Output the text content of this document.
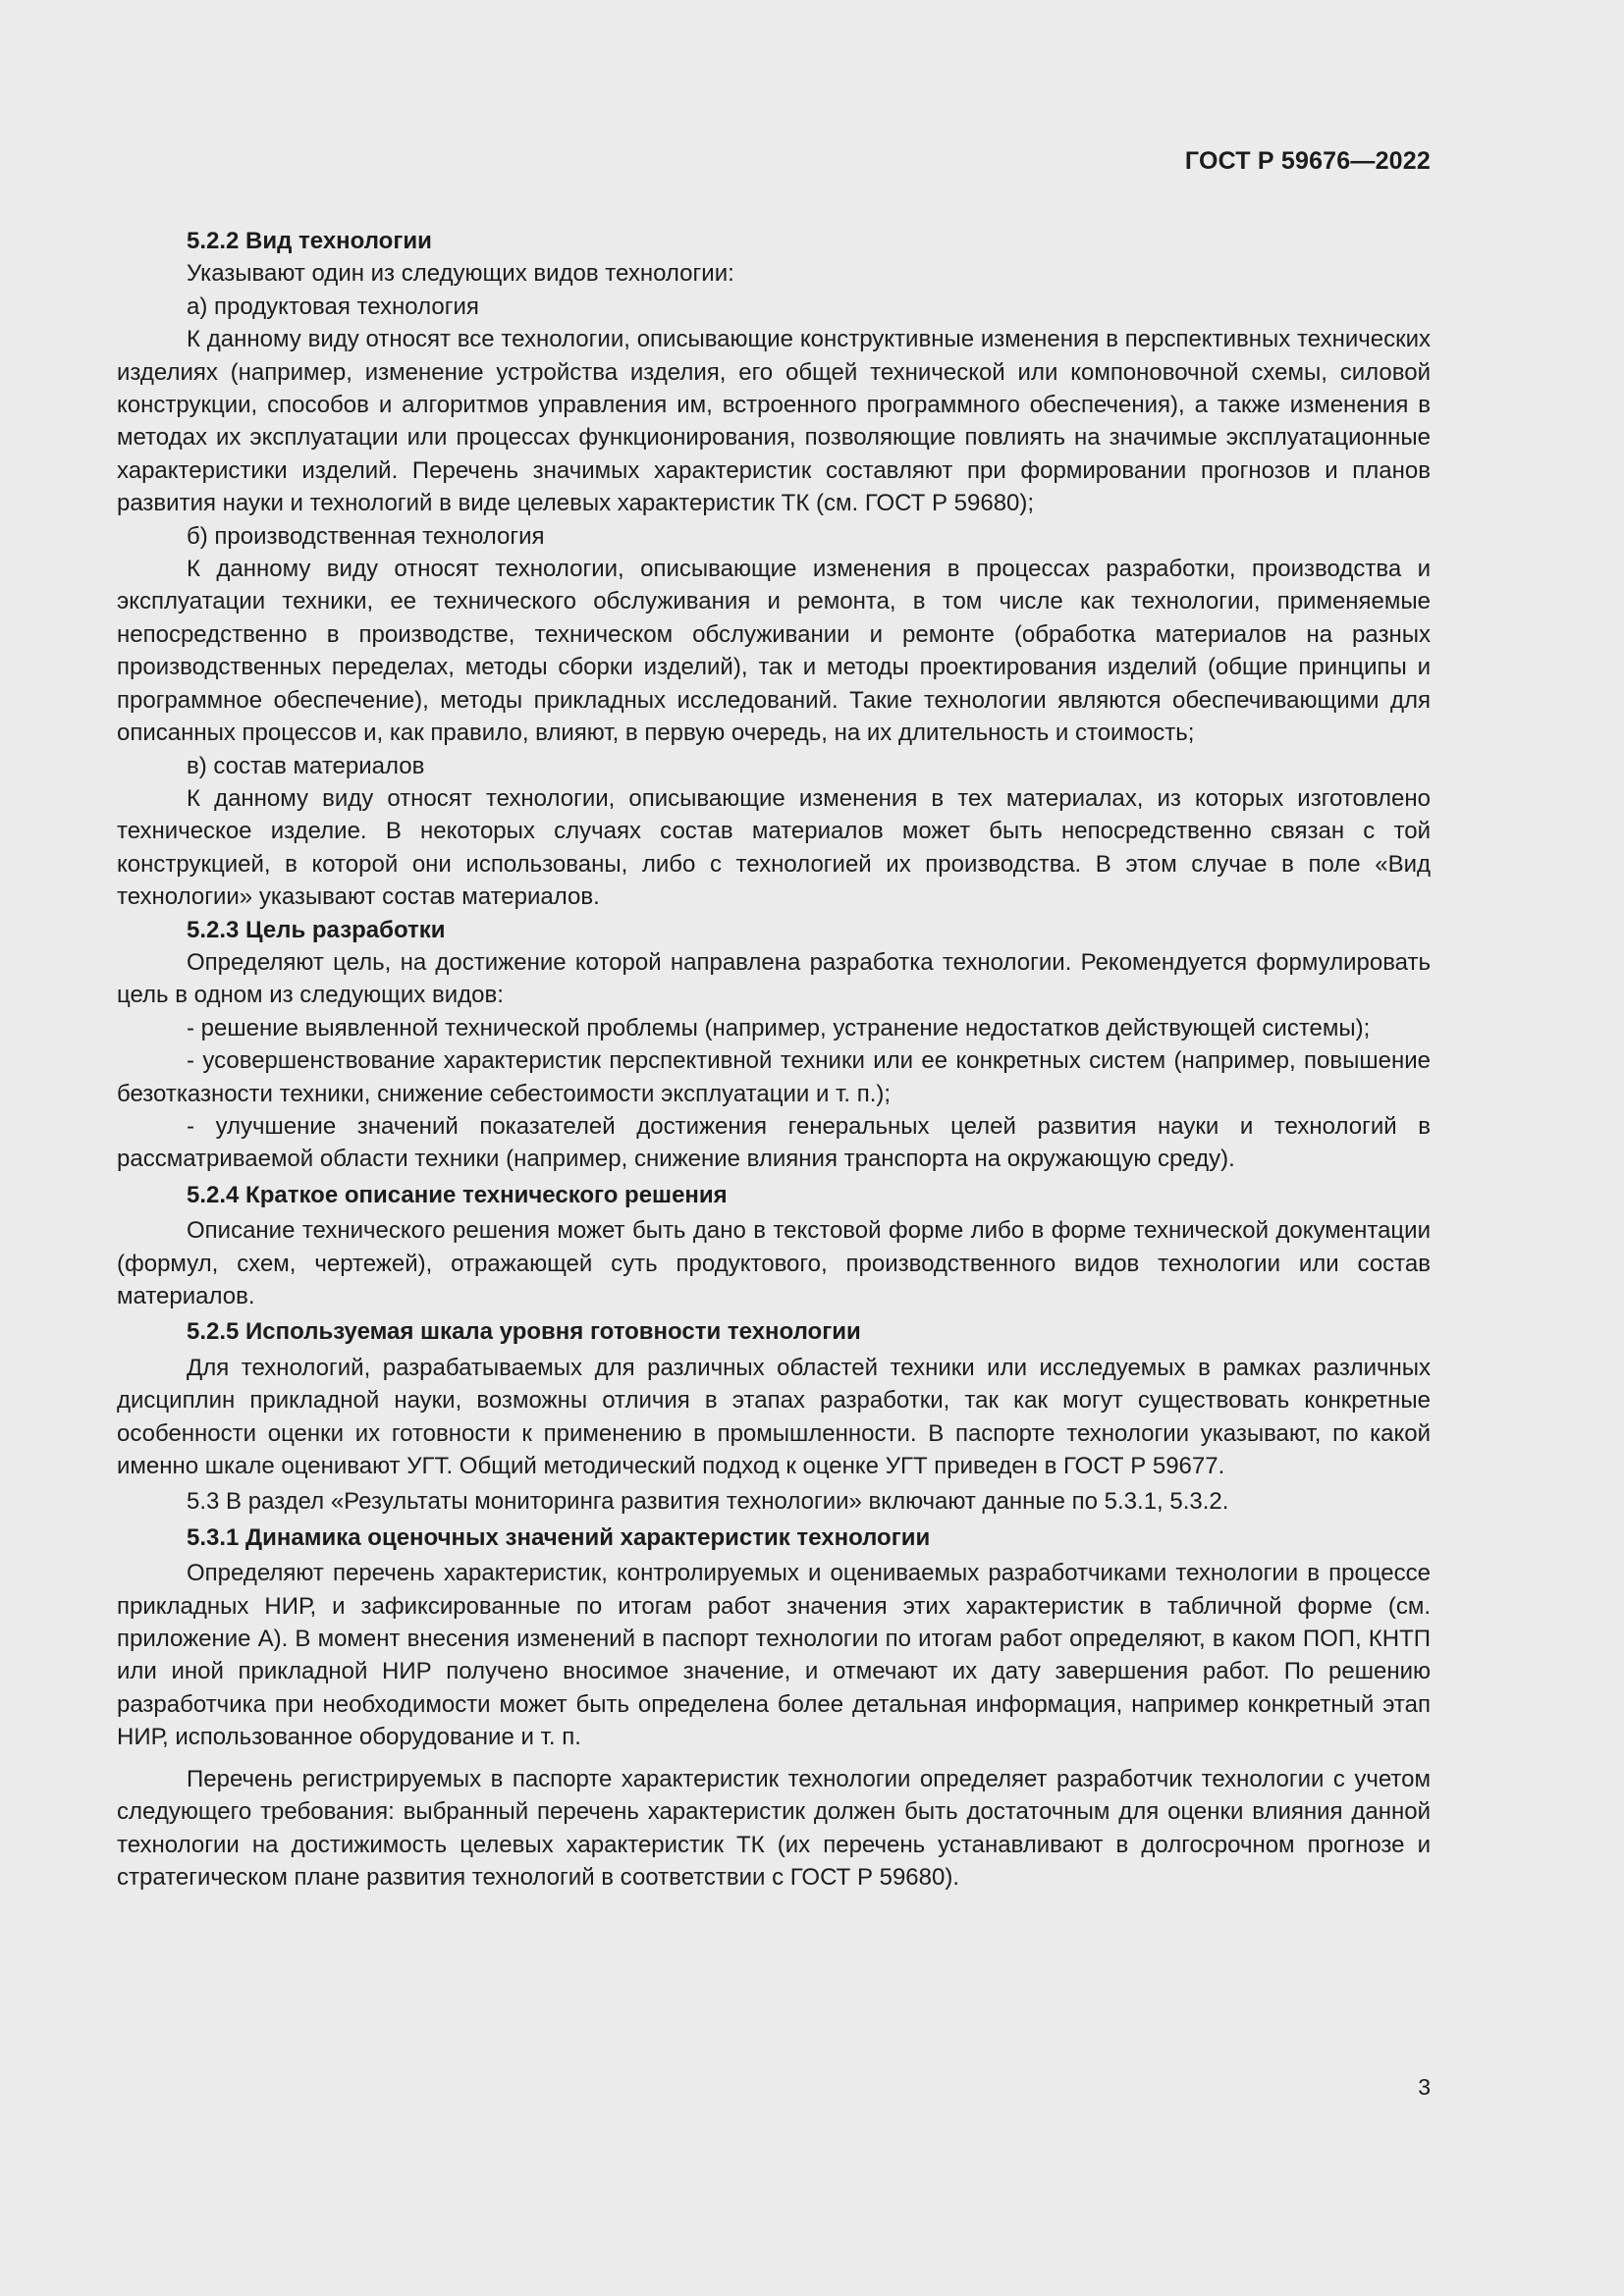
ГОСТ Р 59676—2022

5.2.2 Вид технологии

Указывают один из следующих видов технологии:

а) продуктовая технология

К данному виду относят все технологии, описывающие конструктивные изменения в перспективных технических изделиях (например, изменение устройства изделия, его общей технической или компоновочной схемы, силовой конструкции, способов и алгоритмов управления им, встроенного программного обеспечения), а также изменения в методах их эксплуатации или процессах функционирования, позволяющие повлиять на значимые эксплуатационные характеристики изделий. Перечень значимых характеристик составляют при формировании прогнозов и планов развития науки и технологий в виде целевых характеристик ТК (см. ГОСТ Р 59680);

б) производственная технология

К данному виду относят технологии, описывающие изменения в процессах разработки, производства и эксплуатации техники, ее технического обслуживания и ремонта, в том числе как технологии, применяемые непосредственно в производстве, техническом обслуживании и ремонте (обработка материалов на разных производственных переделах, методы сборки изделий), так и методы проектирования изделий (общие принципы и программное обеспечение), методы прикладных исследований. Такие технологии являются обеспечивающими для описанных процессов и, как правило, влияют, в первую очередь, на их длительность и стоимость;

в) состав материалов

К данному виду относят технологии, описывающие изменения в тех материалах, из которых изготовлено техническое изделие. В некоторых случаях состав материалов может быть непосредственно связан с той конструкцией, в которой они использованы, либо с технологией их производства. В этом случае в поле «Вид технологии» указывают состав материалов.

5.2.3 Цель разработки

Определяют цель, на достижение которой направлена разработка технологии. Рекомендуется формулировать цель в одном из следующих видов:

- решение выявленной технической проблемы (например, устранение недостатков действующей системы);

- усовершенствование характеристик перспективной техники или ее конкретных систем (например, повышение безотказности техники, снижение себестоимости эксплуатации и т. п.);

- улучшение значений показателей достижения генеральных целей развития науки и технологий в рассматриваемой области техники (например, снижение влияния транспорта на окружающую среду).

5.2.4 Краткое описание технического решения

Описание технического решения может быть дано в текстовой форме либо в форме технической документации (формул, схем, чертежей), отражающей суть продуктового, производственного видов технологии или состав материалов.

5.2.5 Используемая шкала уровня готовности технологии

Для технологий, разрабатываемых для различных областей техники или исследуемых в рамках различных дисциплин прикладной науки, возможны отличия в этапах разработки, так как могут существовать конкретные особенности оценки их готовности к применению в промышленности. В паспорте технологии указывают, по какой именно шкале оценивают УГТ. Общий методический подход к оценке УГТ приведен в ГОСТ Р 59677.

5.3 В раздел «Результаты мониторинга развития технологии» включают данные по 5.3.1, 5.3.2.

5.3.1 Динамика оценочных значений характеристик технологии

Определяют перечень характеристик, контролируемых и оцениваемых разработчиками технологии в процессе прикладных НИР, и зафиксированные по итогам работ значения этих характеристик в табличной форме (см. приложение А). В момент внесения изменений в паспорт технологии по итогам работ определяют, в каком ПОП, КНТП или иной прикладной НИР получено вносимое значение, и отмечают их дату завершения работ. По решению разработчика при необходимости может быть определена более детальная информация, например конкретный этап НИР, использованное оборудование и т. п.

Перечень регистрируемых в паспорте характеристик технологии определяет разработчик технологии с учетом следующего требования: выбранный перечень характеристик должен быть достаточным для оценки влияния данной технологии на достижимость целевых характеристик ТК (их перечень устанавливают в долгосрочном прогнозе и стратегическом плане развития технологий в соответствии с ГОСТ Р 59680).

3
